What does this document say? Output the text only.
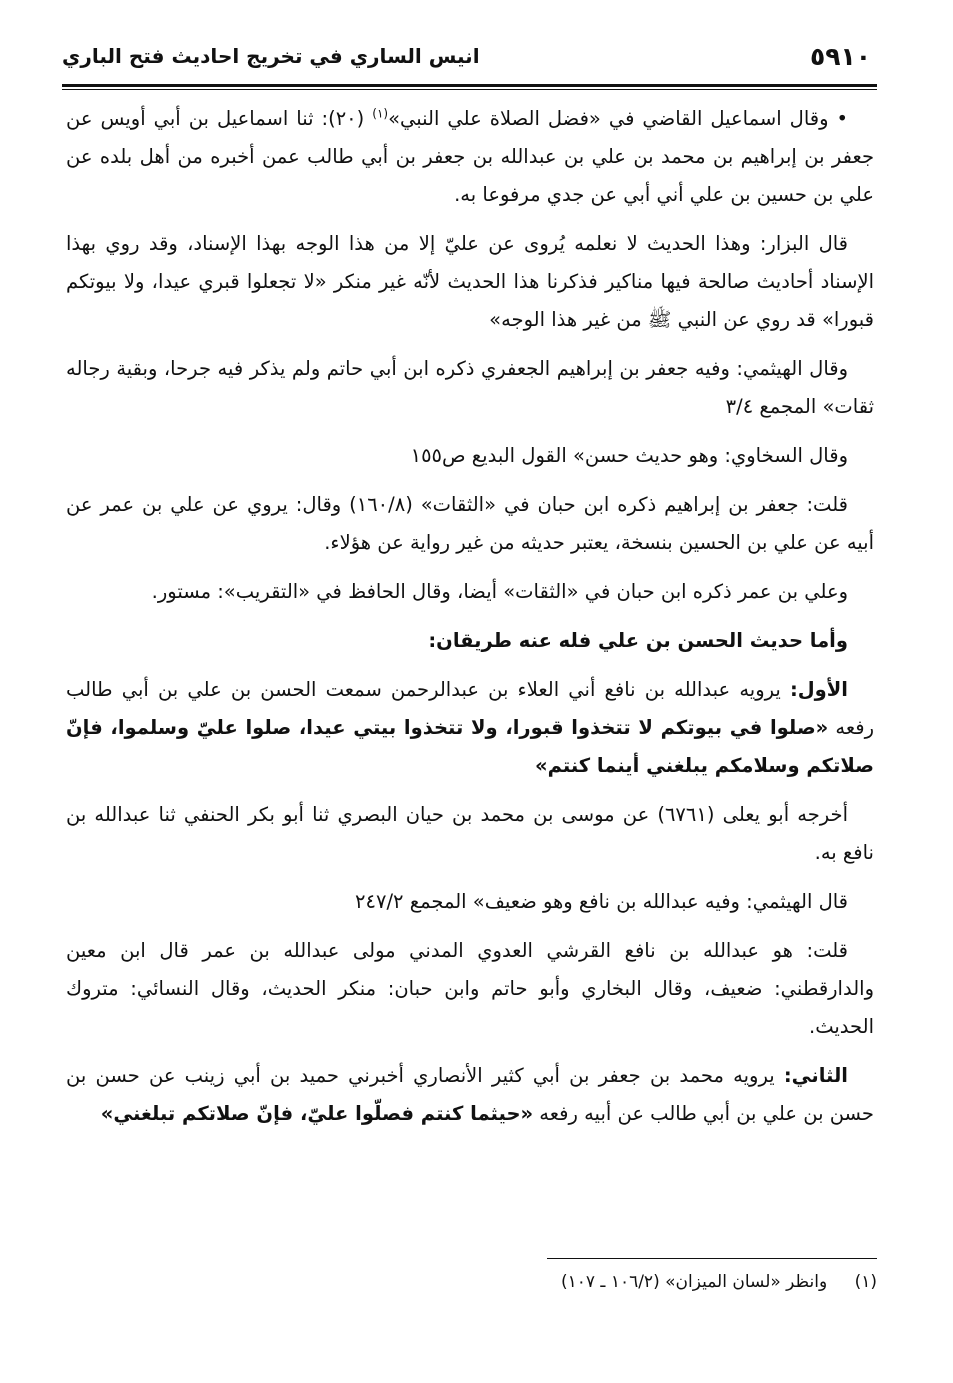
٥٩١٠
انيس الساري في تخريج احاديث فتح الباري

• وقال اسماعيل القاضي في «فضل الصلاة علي النبي»$^{(١)}$ (٢٠): ثنا اسماعيل بن أبي أويس عن جعفر بن إبراهيم بن محمد بن علي بن عبدالله بن جعفر بن أبي طالب عمن أخبره من أهل بلده عن علي بن حسين بن علي أني أبي عن جدي مرفوعا به.

قال البزار: وهذا الحديث لا نعلمه يُروى عن عليّ إلا من هذا الوجه بهذا الإسناد، وقد روي بهذا الإسناد أحاديث صالحة فيها مناكير فذكرنا هذا الحديث لأنّه غير منكر «لا تجعلوا قبري عيدا، ولا بيوتكم قبورا» قد روي عن النبي ﷺ من غير هذا الوجه»

وقال الهيثمي: وفيه جعفر بن إبراهيم الجعفري ذكره ابن أبي حاتم ولم يذكر فيه جرحا، وبقية رجاله ثقات» المجمع ٣/٤

وقال السخاوي: وهو حديث حسن» القول البديع ص١٥٥

قلت: جعفر بن إبراهيم ذكره ابن حبان في «الثقات» (١٦٠/٨) وقال: يروي عن علي بن عمر عن أبيه عن علي بن الحسين بنسخة، يعتبر حديثه من غير رواية عن هؤلاء.

وعلي بن عمر ذكره ابن حبان في «الثقات» أيضا، وقال الحافظ في «التقريب»: مستور.

وأما حديث الحسن بن علي فله عنه طريقان:

الأول: يرويه عبدالله بن نافع أني العلاء بن عبدالرحمن سمعت الحسن بن علي بن أبي طالب رفعه «صلوا في بيوتكم لا تتخذوا قبورا، ولا تتخذوا بيتي عيدا، صلوا عليّ وسلموا، فإنّ صلاتكم وسلامكم يبلغني أينما كنتم»

أخرجه أبو يعلى (٦٧٦١) عن موسى بن محمد بن حيان البصري ثنا أبو بكر الحنفي ثنا عبدالله بن نافع به.

قال الهيثمي: وفيه عبدالله بن نافع وهو ضعيف» المجمع ٢٤٧/٢

قلت: هو عبدالله بن نافع القرشي العدوي المدني مولى عبدالله بن عمر قال ابن معين والدارقطني: ضعيف، وقال البخاري وأبو حاتم وابن حبان: منكر الحديث، وقال النسائي: متروك الحديث.

الثاني: يرويه محمد بن جعفر بن أبي كثير الأنصاري أخبرني حميد بن أبي زينب عن حسن بن حسن بن علي بن أبي طالب عن أبيه رفعه «حيثما كنتم فصلّوا عليّ، فإنّ صلاتكم تبلغني»

(١) وانظر «لسان الميزان» (١٠٦/٢ ـ ١٠٧)
